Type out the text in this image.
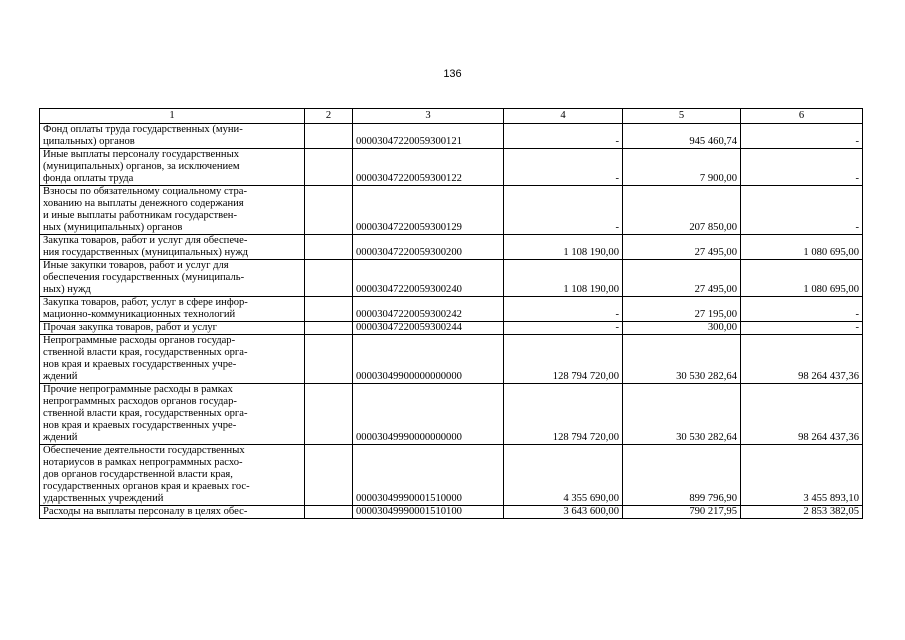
136
1	2	3	4	5	6

Фонд оплаты труда государственных (муни-
ципальных) органов		00003047220059300121	-	945 460,74	-

Иные выплаты персоналу государственных
(муниципальных) органов, за исключением
фонда оплаты труда		00003047220059300122	-	7 900,00	-

Взносы по обязательному социальному стра-
хованию на выплаты денежного содержания
и иные выплаты работникам государствен-
ных (муниципальных) органов		00003047220059300129	-	207 850,00	-

Закупка товаров, работ и услуг для обеспече-
ния государственных (муниципальных) нужд		00003047220059300200	1 108 190,00	27 495,00	1 080 695,00

Иные закупки товаров, работ и услуг для
обеспечения государственных (муниципаль-
ных) нужд		00003047220059300240	1 108 190,00	27 495,00	1 080 695,00

Закупка товаров, работ, услуг в сфере инфор-
мационно-коммуникационных технологий		00003047220059300242	-	27 195,00	-

Прочая закупка товаров, работ и услуг		00003047220059300244	-	300,00	-

Непрограммные расходы органов государ-
ственной власти края, государственных орга-
нов края и краевых государственных учре-
ждений		00003049900000000000	128 794 720,00	30 530 282,64	98 264 437,36

Прочие непрограммные расходы в рамках
непрограммных расходов органов государ-
ственной власти края, государственных орга-
нов края и краевых государственных учре-
ждений		00003049990000000000	128 794 720,00	30 530 282,64	98 264 437,36

Обеспечение деятельности государственных
нотариусов в рамках непрограммных расхо-
дов органов государственной власти края,
государственных органов края и краевых гос-
ударственных учреждений		00003049990001510000	4 355 690,00	899 796,90	3 455 893,10

Расходы на выплаты персоналу в целях обес-		00003049990001510100	3 643 600,00	790 217,95	2 853 382,05
